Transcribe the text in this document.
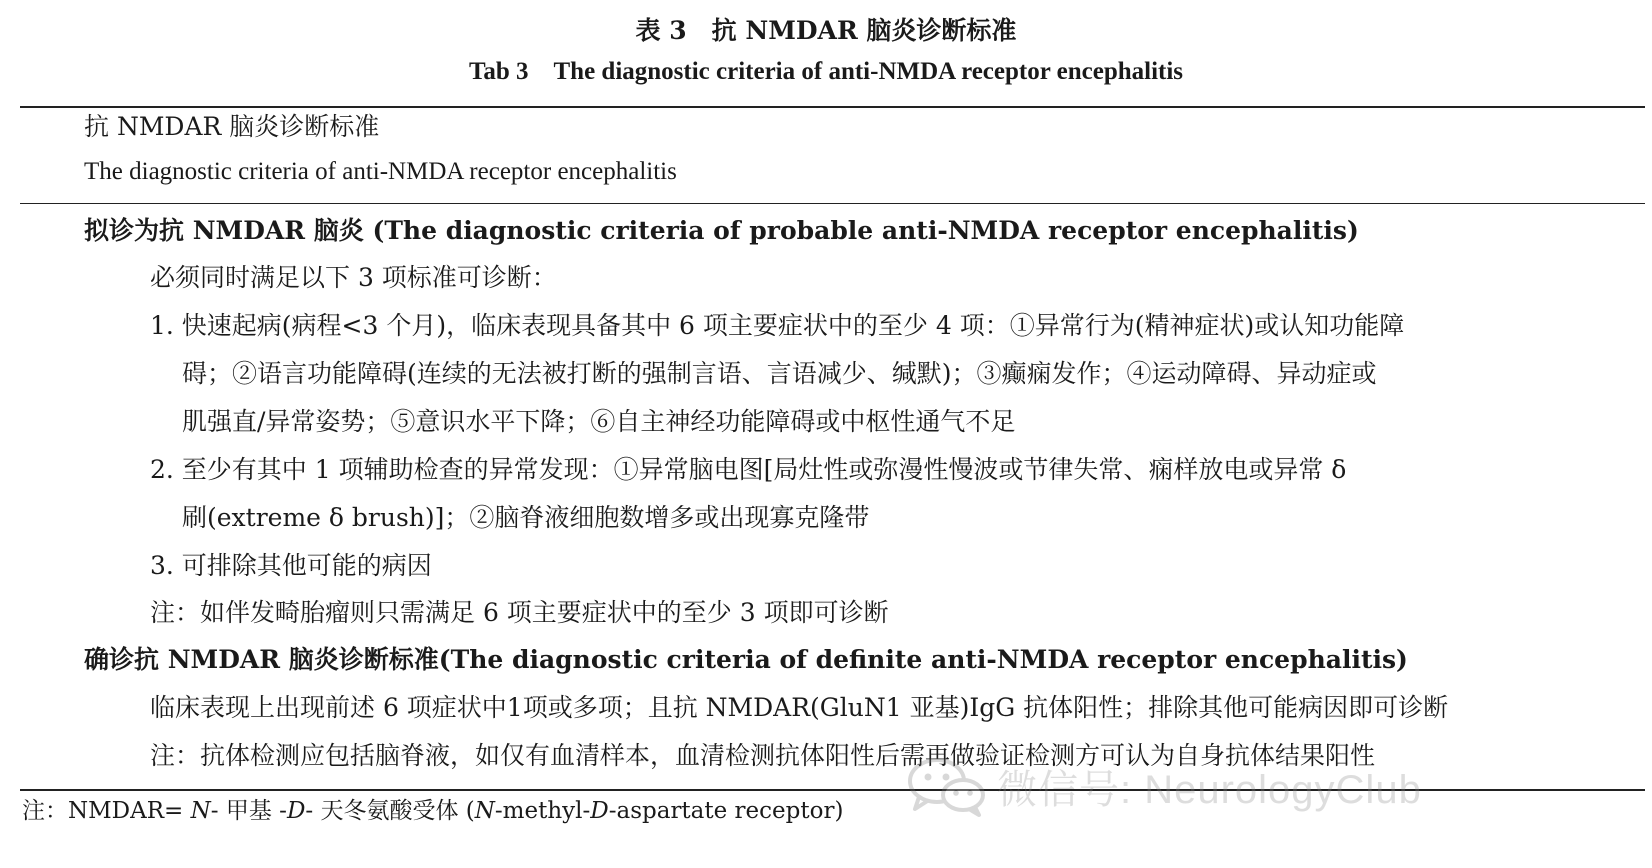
表 3　抗 NMDAR 脑炎诊断标准
Tab 3　The diagnostic criteria of anti-NMDA receptor encephalitis
抗 NMDAR 脑炎诊断标准
The diagnostic criteria of anti-NMDA receptor encephalitis
拟诊为抗 NMDAR 脑炎 (The diagnostic criteria of probable anti-NMDA receptor encephalitis)
必须同时满足以下 3 项标准可诊断：
1. 快速起病(病程<3 个月)，临床表现具备其中 6 项主要症状中的至少 4 项：①异常行为(精神症状)或认知功能障
碍；②语言功能障碍(连续的无法被打断的强制言语、言语减少、缄默)；③癫痫发作；④运动障碍、异动症或
肌强直/异常姿势；⑤意识水平下降；⑥自主神经功能障碍或中枢性通气不足
2. 至少有其中 1 项辅助检查的异常发现：①异常脑电图[局灶性或弥漫性慢波或节律失常、痫样放电或异常 δ
刷(extreme δ brush)]；②脑脊液细胞数增多或出现寡克隆带
3. 可排除其他可能的病因
注：如伴发畸胎瘤则只需满足 6 项主要症状中的至少 3 项即可诊断
确诊抗 NMDAR 脑炎诊断标准(The diagnostic criteria of definite anti-NMDA receptor encephalitis)
临床表现上出现前述 6 项症状中1项或多项；且抗 NMDAR(GluN1 亚基)IgG 抗体阳性；排除其他可能病因即可诊断
注：抗体检测应包括脑脊液，如仅有血清样本，血清检测抗体阳性后需再做验证检测方可认为自身抗体结果阳性
注：NMDAR= N- 甲基 -D- 天冬氨酸受体 (N-methyl-D-aspartate receptor)	微信号: NeurologyClub
